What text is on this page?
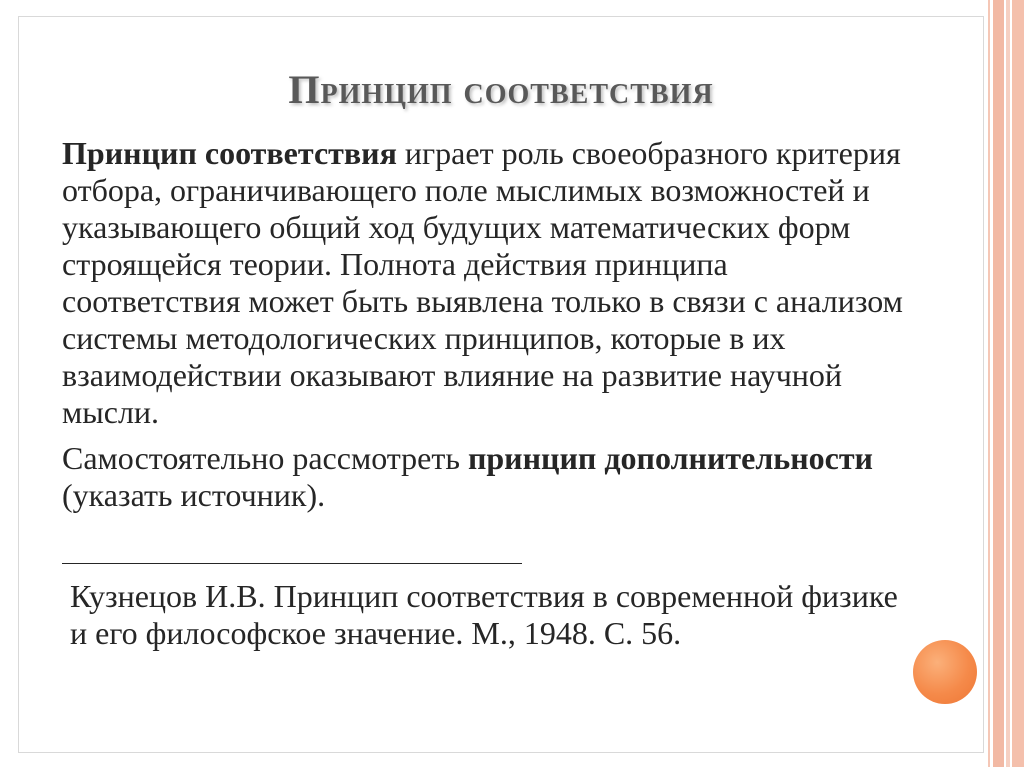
Принцип соответствия

Принцип соответствия играет роль своеобразного критерия отбора, ограничивающего поле мыслимых возможностей и указывающего общий ход будущих математических форм строящейся теории. Полнота действия принципа соответствия может быть выявлена только в связи с анализом системы методологических принципов, которые в их взаимодействии оказывают влияние на развитие научной мысли.

Самостоятельно рассмотреть принцип дополнительности (указать источник).

Кузнецов И.В. Принцип соответствия в современной физике и его философское значение. М., 1948. С. 56.
